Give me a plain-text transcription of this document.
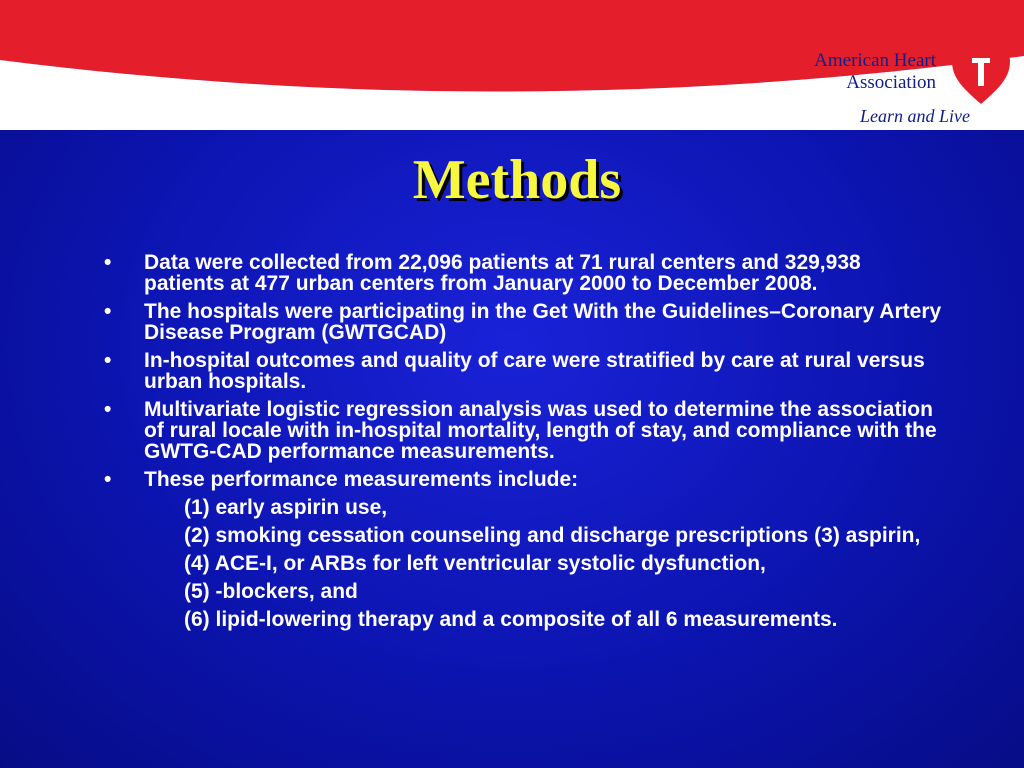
American Heart
Association
Learn and Live
Methods
• Data were collected from 22,096 patients at 71 rural centers and 329,938 patients at 477 urban centers from January 2000 to December 2008.
• The hospitals were participating in the Get With the Guidelines–Coronary Artery Disease Program (GWTGCAD)
• In-hospital outcomes and quality of care were stratified by care at rural versus urban hospitals.
• Multivariate logistic regression analysis was used to determine the association of rural locale with in-hospital mortality, length of stay, and compliance with the GWTG-CAD performance measurements.
• These performance measurements include:
(1) early aspirin use,
(2) smoking cessation counseling and discharge prescriptions (3) aspirin,
(4) ACE-I, or ARBs for left ventricular systolic dysfunction,
(5) -blockers, and
(6) lipid-lowering therapy and a composite of all 6 measurements.
